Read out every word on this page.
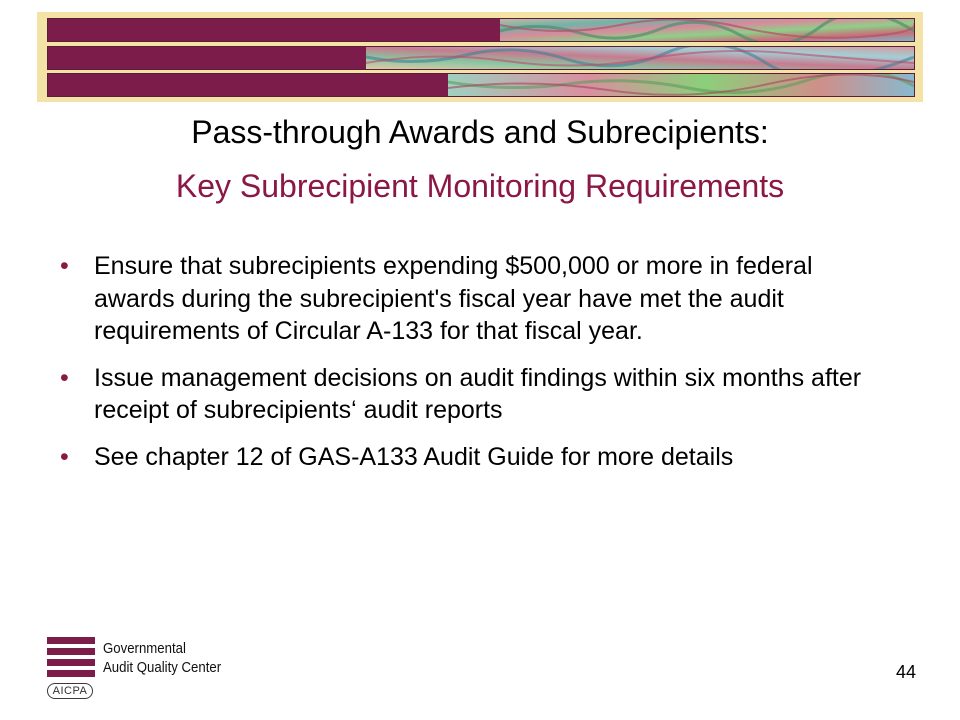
Pass-through Awards and Subrecipients:
Key Subrecipient Monitoring Requirements
• Ensure that subrecipients expending $500,000 or more in federal awards during the subrecipient's fiscal year have met the audit requirements of Circular A-133 for that fiscal year.
• Issue management decisions on audit findings within six months after receipt of subrecipients‘ audit reports
• See chapter 12 of GAS-A133 Audit Guide for more details
AICPA
Governmental
Audit Quality Center	44
